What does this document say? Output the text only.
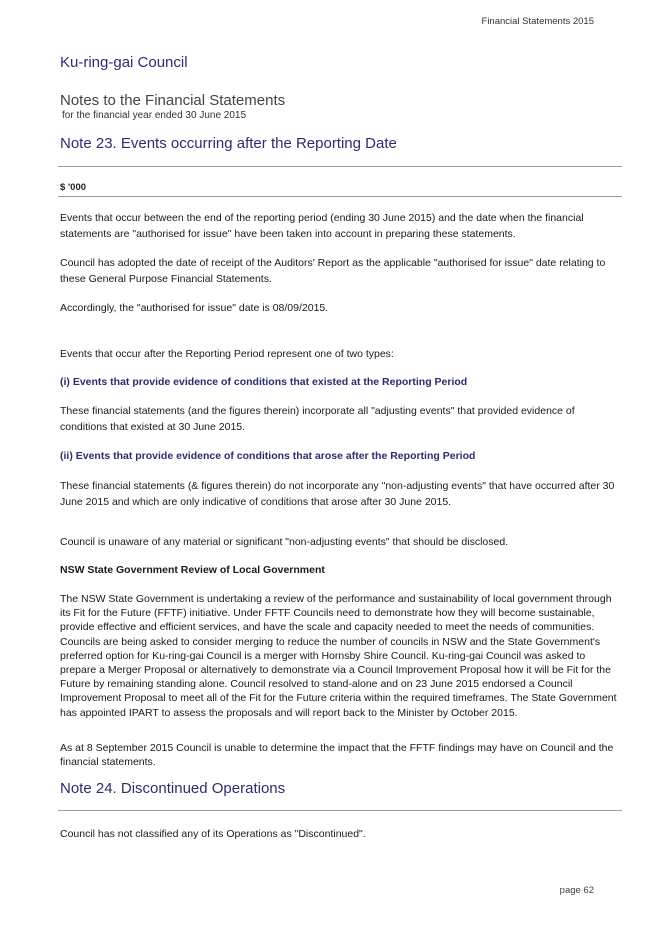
Financial Statements 2015
Ku-ring-gai Council
Notes to the Financial Statements
for the financial year ended 30 June 2015
Note 23. Events occurring after the Reporting Date
$ '000

Events that occur between the end of the reporting period (ending 30 June 2015) and the date when the financial statements are "authorised for issue" have been taken into account in preparing these statements.

Council has adopted the date of receipt of the Auditors' Report as the applicable "authorised for issue" date relating to these General Purpose Financial Statements.

Accordingly, the "authorised for issue" date is 08/09/2015.

Events that occur after the Reporting Period represent one of two types:

(i) Events that provide evidence of conditions that existed at the Reporting Period

These financial statements (and the figures therein) incorporate all "adjusting events" that provided evidence of conditions that existed at 30 June 2015.

(ii) Events that provide evidence of conditions that arose after the Reporting Period

These financial statements (& figures therein) do not incorporate any "non-adjusting events" that have occurred after 30 June 2015 and which are only indicative of conditions that arose after 30 June 2015.

Council is unaware of any material or significant "non-adjusting events" that should be disclosed.

NSW State Government Review of Local Government

The NSW State Government is undertaking a review of the performance and sustainability of local government through its Fit for the Future (FFTF) initiative. Under FFTF Councils need to demonstrate how they will become sustainable, provide effective and efficient services, and have the scale and capacity needed to meet the needs of communities. Councils are being asked to consider merging to reduce the number of councils in NSW and the State Government's preferred option for Ku-ring-gai Council is a merger with Hornsby Shire Council. Ku-ring-gai Council was asked to prepare a Merger Proposal or alternatively to demonstrate via a Council Improvement Proposal how it will be Fit for the Future by remaining standing alone. Council resolved to stand-alone and on 23 June 2015 endorsed a Council Improvement Proposal to meet all of the Fit for the Future criteria within the required timeframes. The State Government has appointed IPART to assess the proposals and will report back to the Minister by October 2015.

As at 8 September 2015 Council is unable to determine the impact that the FFTF findings may have on Council and the financial statements.

Note 24. Discontinued Operations

Council has not classified any of its Operations as "Discontinued".

page 62
